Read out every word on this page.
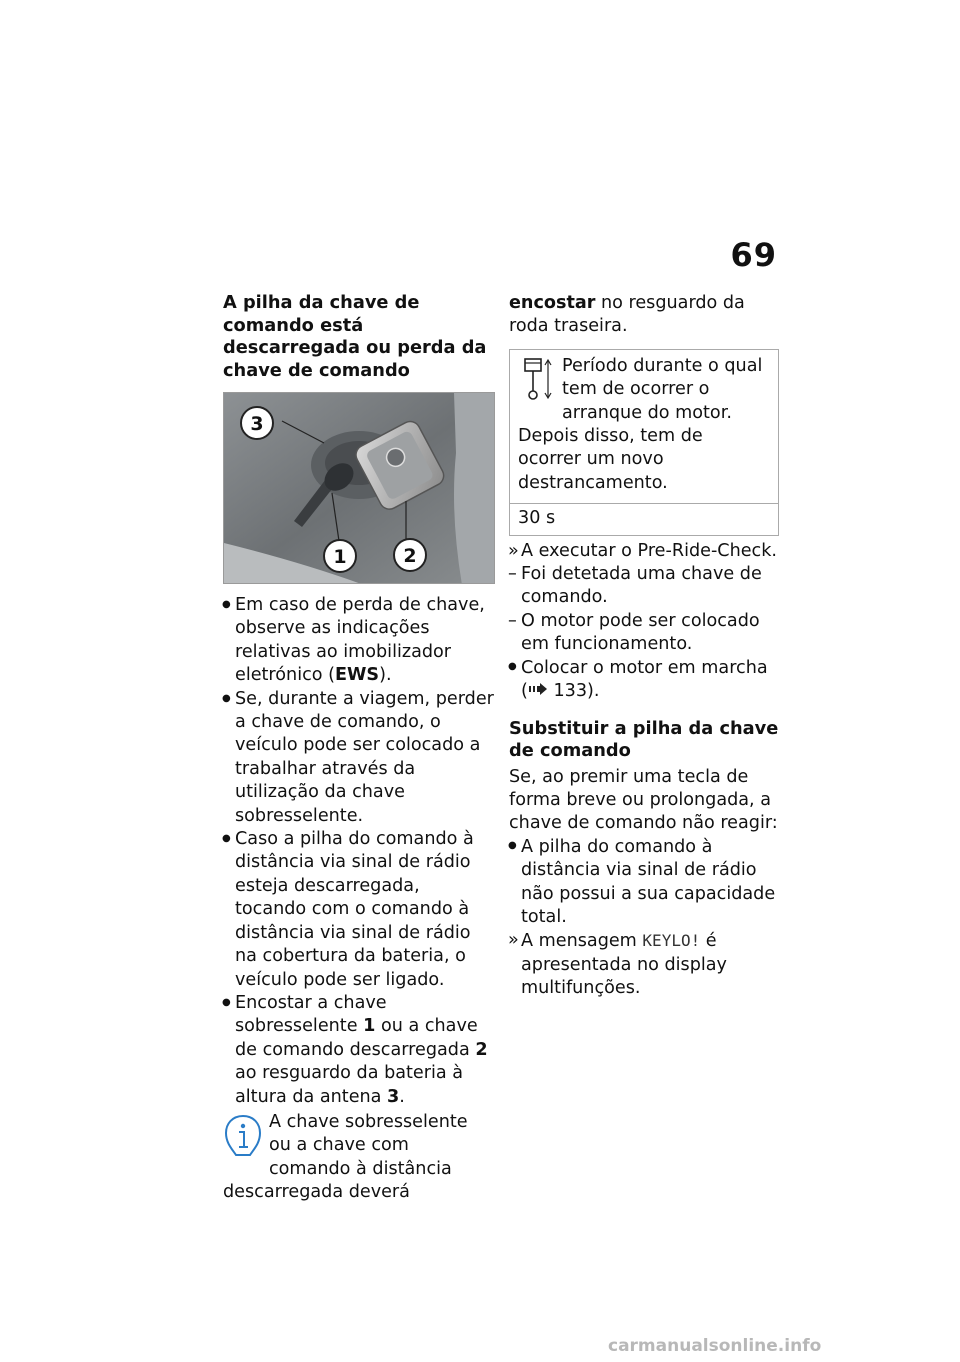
69
A pilha da chave de comando está descarregada ou perda da chave de comando
3
1	2
●
Em caso de perda de chave, observe as indicações relativas ao imobilizador eletrónico (EWS).
●
Se, durante a viagem, perder a chave de comando, o veículo pode ser colocado a trabalhar através da utilização da chave sobresselente.
●
Caso a pilha do comando à distância via sinal de rádio esteja descarregada, tocando com o comando à distância via sinal de rádio na cobertura da bateria, o veículo pode ser ligado.
●
Encostar a chave sobresselente 1 ou a chave de comando descarregada 2 ao resguardo da bateria à altura da antena 3.

A chave sobresselente ou a chave com comando à distância descarregada deverá

encostar no resguardo da roda traseira.

Período durante o qual tem de ocorrer o arranque do motor. Depois disso, tem de ocorrer um novo destrancamento.
30 s
» A executar o Pre-Ride-Check.
– Foi detetada uma chave de comando.
– O motor pode ser colocado em funcionamento.
● Colocar o motor em marcha ( 133).
Substituir a pilha da chave de comando

Se, ao premir uma tecla de forma breve ou prolongada, a chave de comando não reagir:

● A pilha do comando à distância via sinal de rádio não possui a sua capacidade total.
» A mensagem KEYLO! é apresentada no display multifunções.
carmanualsonline.info
